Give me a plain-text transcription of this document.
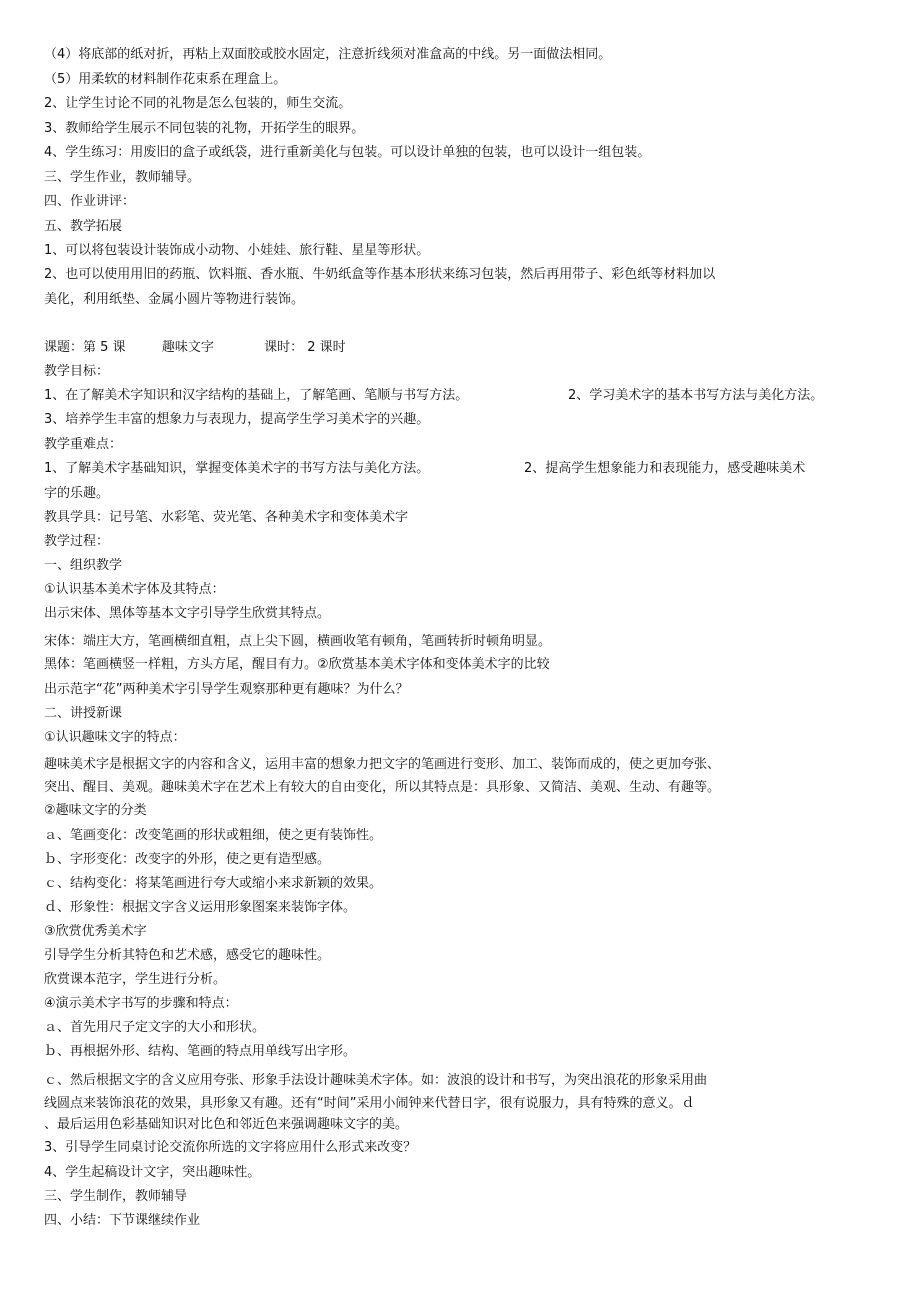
（4）将底部的纸对折，再粘上双面胶或胶水固定，注意折线须对准盒高的中线。另一面做法相同。

（5）用柔软的材料制作花束系在理盒上。

2、让学生讨论不同的礼物是怎么包装的，师生交流。

3、教师给学生展示不同包装的礼物，开拓学生的眼界。

4、学生练习：用废旧的盒子或纸袋，进行重新美化与包装。可以设计单独的包装，也可以设计一组包装。

三、学生作业，教师辅导。

四、作业讲评：

五、教学拓展

1、可以将包装设计装饰成小动物、小娃娃、旅行鞋、星星等形状。

2、也可以使用用旧的药瓶、饮料瓶、香水瓶、牛奶纸盒等作基本形状来练习包装，然后再用带子、彩色纸等材料加以

美化，利用纸垫、金属小圆片等物进行装饰。

课题：第 5 课	趣味文字	课时： 2 课时

教学目标：

1、在了解美术字知识和汉字结构的基础上，了解笔画、笔顺与书写方法。	2、学习美术字的基本书写方法与美化方法。

3、培养学生丰富的想象力与表现力，提高学生学习美术字的兴趣。

教学重难点：

1、了解美术字基础知识，掌握变体美术字的书写方法与美化方法。	2、提高学生想象能力和表现能力，感受趣味美术

字的乐趣。

教具学具：记号笔、水彩笔、荧光笔、各种美术字和变体美术字

教学过程：

一、组织教学

①认识基本美术字体及其特点：

出示宋体、黑体等基本文字引导学生欣赏其特点。

宋体：端庄大方，笔画横细直粗，点上尖下圆，横画收笔有顿角，笔画转折时顿角明显。

黑体：笔画横竖一样粗，方头方尾，醒目有力。②欣赏基本美术字体和变体美术字的比较

出示范字“花”两种美术字引导学生观察那种更有趣味？为什么？

二、讲授新课

①认识趣味文字的特点：

趣味美术字是根据文字的内容和含义，运用丰富的想象力把文字的笔画进行变形、加工、装饰而成的，使之更加夸张、

突出、醒目、美观。趣味美术字在艺术上有较大的自由变化，所以其特点是：具形象、又简洁、美观、生动、有趣等。

②趣味文字的分类

ａ、笔画变化：改变笔画的形状或粗细，使之更有装饰性。

ｂ、字形变化：改变字的外形，使之更有造型感。

ｃ、结构变化：将某笔画进行夸大或缩小来求新颖的效果。

ｄ、形象性：根据文字含义运用形象图案来装饰字体。

③欣赏优秀美术字

引导学生分析其特色和艺术感，感受它的趣味性。

欣赏课本范字，学生进行分析。

④演示美术字书写的步骤和特点：

ａ、首先用尺子定文字的大小和形状。

ｂ、再根据外形、结构、笔画的特点用单线写出字形。

ｃ、然后根据文字的含义应用夸张、形象手法设计趣味美术字体。如：波浪的设计和书写，为突出浪花的形象采用曲

线圆点来装饰浪花的效果，具形象又有趣。还有“时间”采用小闹钟来代替日字，很有说服力，具有特殊的意义。ｄ

、最后运用色彩基础知识对比色和邻近色来强调趣味文字的美。

3、引导学生同桌讨论交流你所选的文字将应用什么形式来改变？

4、学生起稿设计文字，突出趣味性。

三、学生制作，教师辅导

四、小结：下节课继续作业
